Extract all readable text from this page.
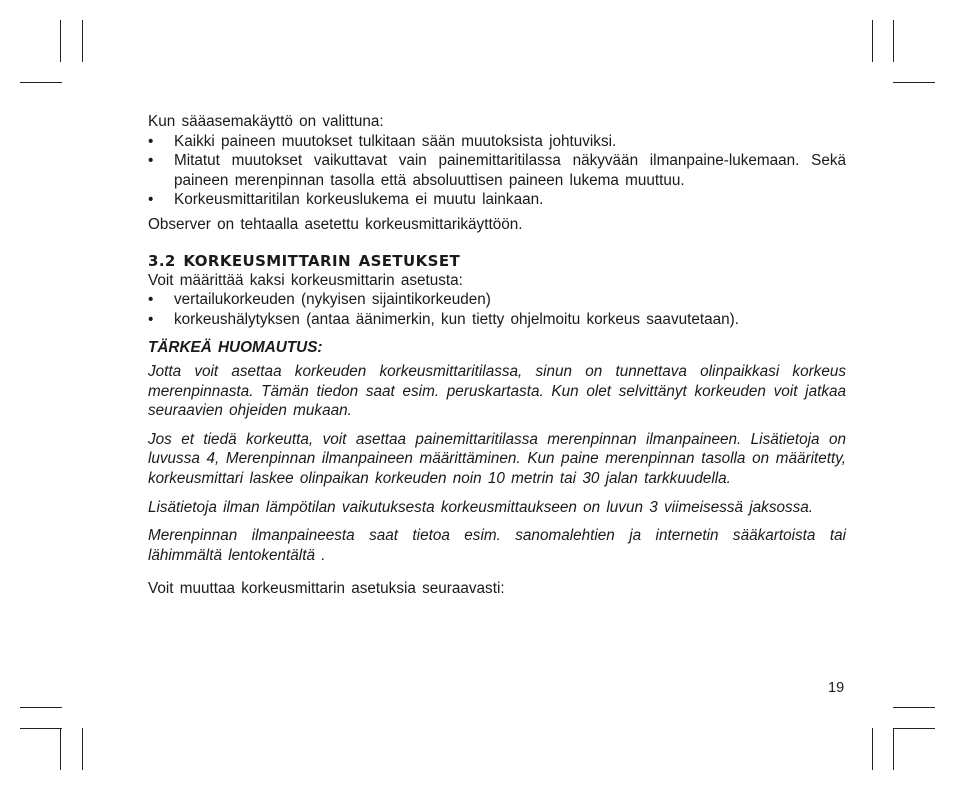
Kun sääasemakäyttö on valittuna:

• Kaikki paineen muutokset tulkitaan sään muutoksista johtuviksi.
• Mitatut muutokset vaikuttavat vain painemittaritilassa näkyvään ilmanpaine-lukemaan. Sekä paineen merenpinnan tasolla että absoluuttisen paineen lukema muuttuu.
• Korkeusmittaritilan korkeuslukema ei muutu lainkaan.

Observer on tehtaalla asetettu korkeusmittarikäyttöön.

3.2 KORKEUSMITTARIN ASETUKSET

Voit määrittää kaksi korkeusmittarin asetusta:

• vertailukorkeuden (nykyisen sijaintikorkeuden)
• korkeushälytyksen (antaa äänimerkin, kun tietty ohjelmoitu korkeus saavutetaan).

TÄRKEÄ HUOMAUTUS:

Jotta voit asettaa korkeuden korkeusmittaritilassa, sinun on tunnettava olinpaikkasi korkeus merenpinnasta. Tämän tiedon saat esim. peruskartasta. Kun olet selvittänyt korkeuden voit jatkaa seuraavien ohjeiden mukaan.

Jos et tiedä korkeutta, voit asettaa painemittaritilassa merenpinnan ilmanpaineen. Lisätietoja on luvussa 4, Merenpinnan ilmanpaineen määrittäminen. Kun paine merenpinnan tasolla on määritetty, korkeusmittari laskee olinpaikan korkeuden noin 10 metrin tai 30 jalan tarkkuudella.

Lisätietoja ilman lämpötilan vaikutuksesta korkeusmittaukseen on luvun 3 viimeisessä jaksossa.

Merenpinnan ilmanpaineesta saat tietoa esim. sanomalehtien ja internetin sääkartoista tai lähimmältä lentokentältä .

Voit muuttaa korkeusmittarin asetuksia seuraavasti:

19
